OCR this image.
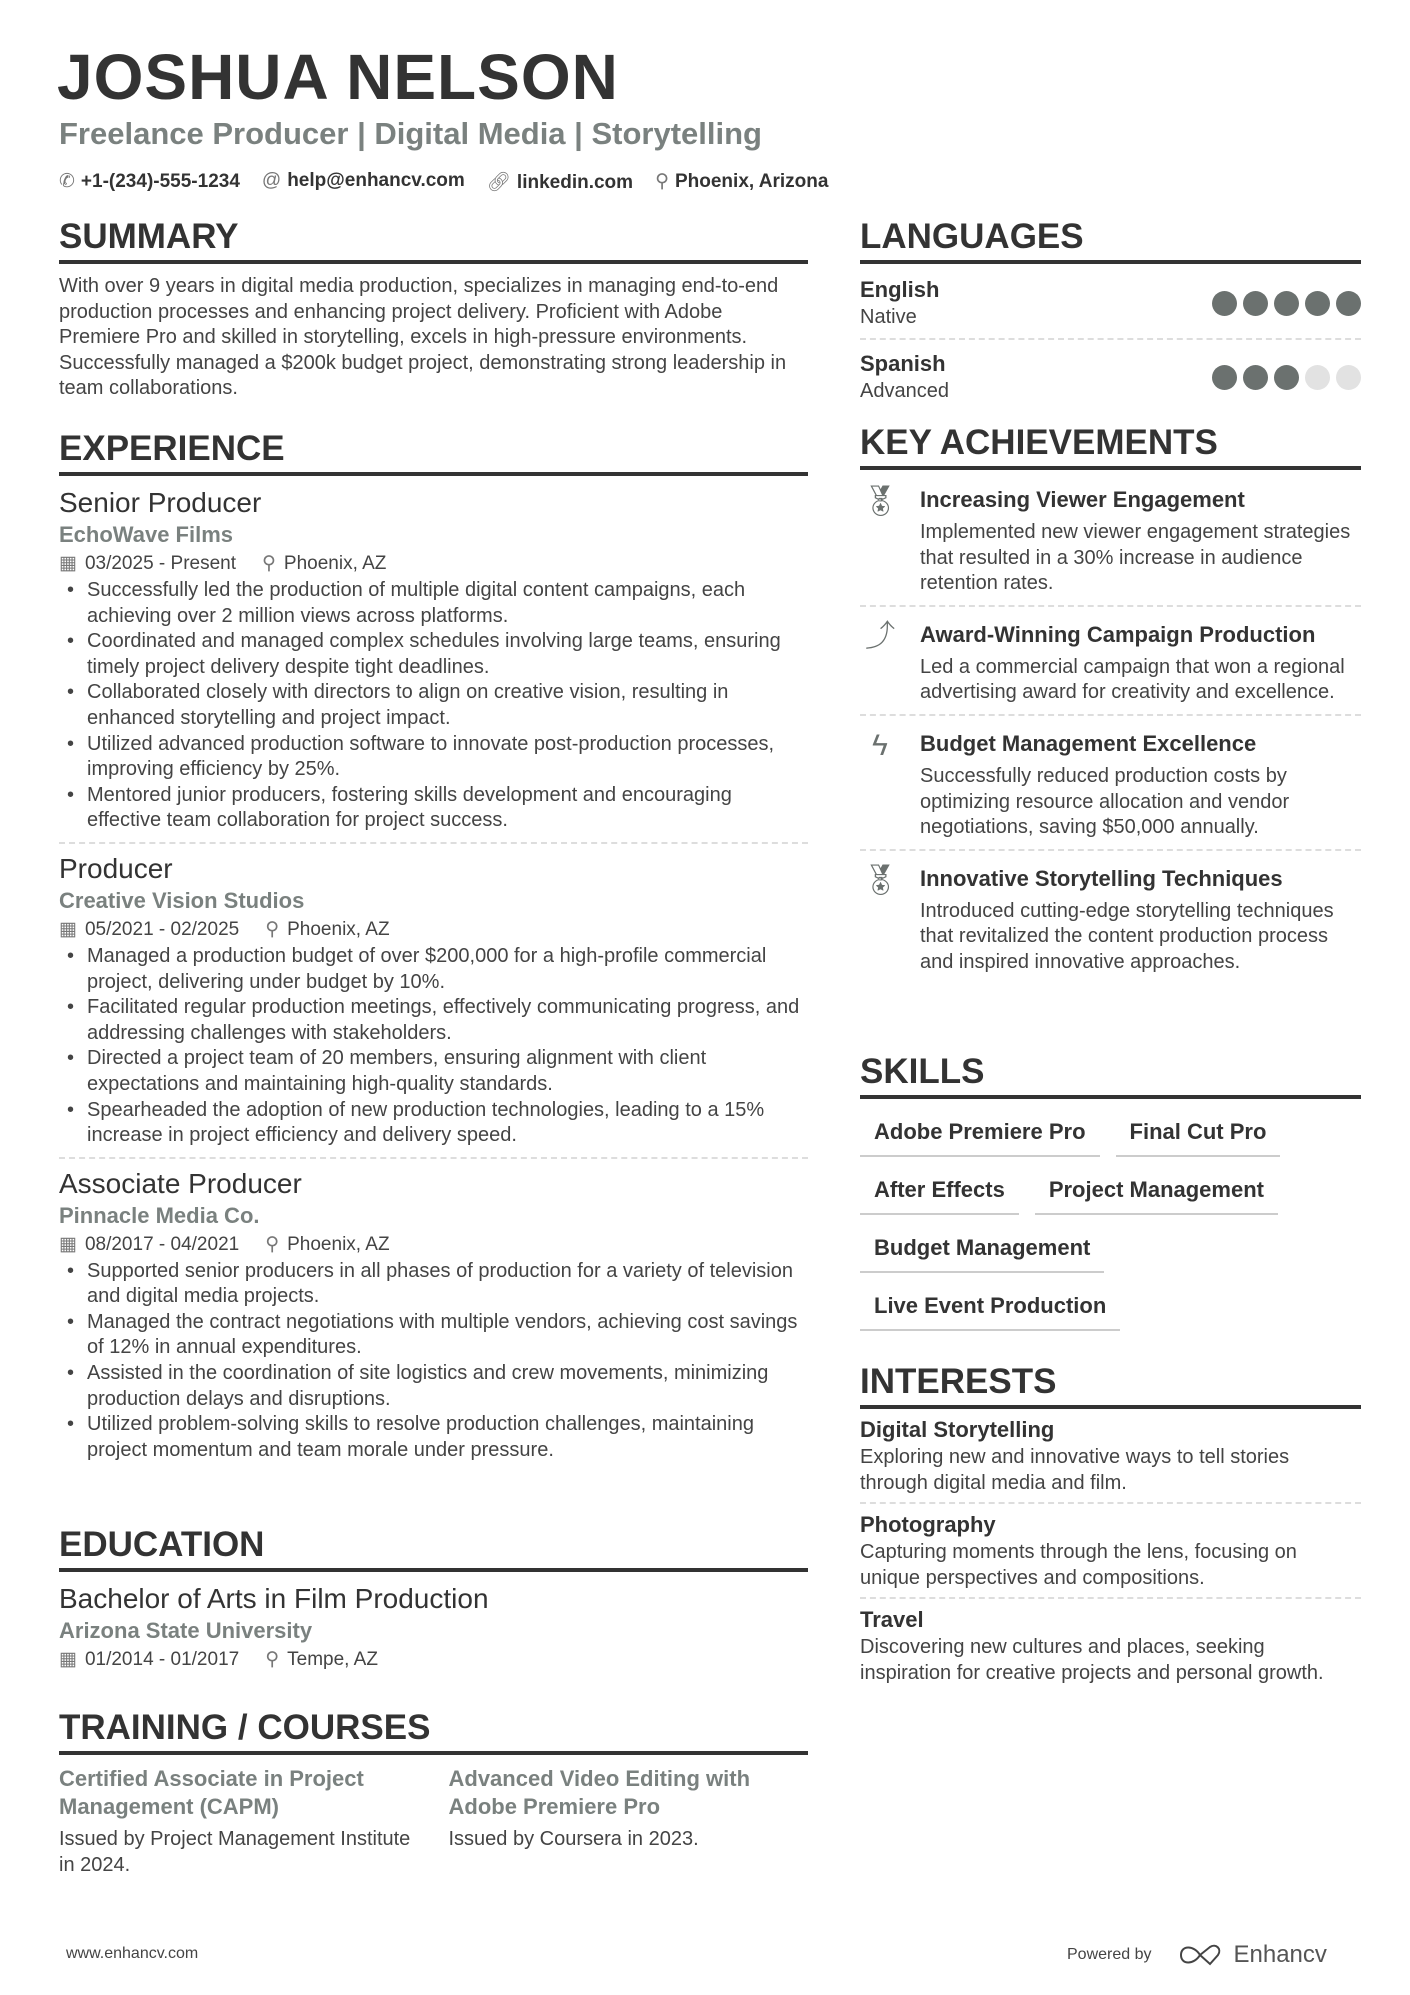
JOSHUA NELSON
Freelance Producer | Digital Media | Storytelling
✆ +1-(234)-555-1234 @ help@enhancv.com 🔗︎ linkedin.com ⚲ Phoenix, Arizona
SUMMARY

With over 9 years in digital media production, specializes in managing end-to-end production processes and enhancing project delivery. Proficient with Adobe Premiere Pro and skilled in storytelling, excels in high-pressure environments. Successfully managed a $200k budget project, demonstrating strong leadership in team collaborations.

EXPERIENCE
Senior Producer
EchoWave Films
▦ 03/2025 - Present ⚲ Phoenix, AZ
• Successfully led the production of multiple digital content campaigns, each achieving over 2 million views across platforms.
• Coordinated and managed complex schedules involving large teams, ensuring timely project delivery despite tight deadlines.
• Collaborated closely with directors to align on creative vision, resulting in enhanced storytelling and project impact.
• Utilized advanced production software to innovate post-production processes, improving efficiency by 25%.
• Mentored junior producers, fostering skills development and encouraging effective team collaboration for project success.
Producer
Creative Vision Studios
▦ 05/2021 - 02/2025 ⚲ Phoenix, AZ
• Managed a production budget of over $200,000 for a high-profile commercial project, delivering under budget by 10%.
• Facilitated regular production meetings, effectively communicating progress, and addressing challenges with stakeholders.
• Directed a project team of 20 members, ensuring alignment with client expectations and maintaining high-quality standards.
• Spearheaded the adoption of new production technologies, leading to a 15% increase in project efficiency and delivery speed.
Associate Producer
Pinnacle Media Co.
▦ 08/2017 - 04/2021 ⚲ Phoenix, AZ
• Supported senior producers in all phases of production for a variety of television and digital media projects.
• Managed the contract negotiations with multiple vendors, achieving cost savings of 12% in annual expenditures.
• Assisted in the coordination of site logistics and crew movements, minimizing production delays and disruptions.
• Utilized problem-solving skills to resolve production challenges, maintaining project momentum and team morale under pressure.
EDUCATION
Bachelor of Arts in Film Production
Arizona State University
▦ 01/2014 - 01/2017 ⚲ Tempe, AZ
TRAINING / COURSES
Certified Associate in Project Management (CAPM)
Issued by Project Management Institute in 2024.
Advanced Video Editing with Adobe Premiere Pro
Issued by Coursera in 2023.
LANGUAGES
English
Native
Spanish
Advanced
KEY ACHIEVEMENTS
🏅︎ Increasing Viewer Engagement
Implemented new viewer engagement strategies that resulted in a 30% increase in audience retention rates.
⤴ Award-Winning Campaign Production
Led a commercial campaign that won a regional advertising award for creativity and excellence.
ϟ	Budget Management Excellence
Successfully reduced production costs by optimizing resource allocation and vendor negotiations, saving $50,000 annually.
🏅︎ Innovative Storytelling Techniques
Introduced cutting-edge storytelling techniques that revitalized the content production process and inspired innovative approaches.
SKILLS
Adobe Premiere Pro	Final Cut Pro
After Effects	Project Management
Budget Management
Live Event Production
INTERESTS
Digital Storytelling
Exploring new and innovative ways to tell stories through digital media and film.
Photography
Capturing moments through the lens, focusing on unique perspectives and compositions.
Travel
Discovering new cultures and places, seeking inspiration for creative projects and personal growth.
www.enhancv.com	Powered by	Enhancv
